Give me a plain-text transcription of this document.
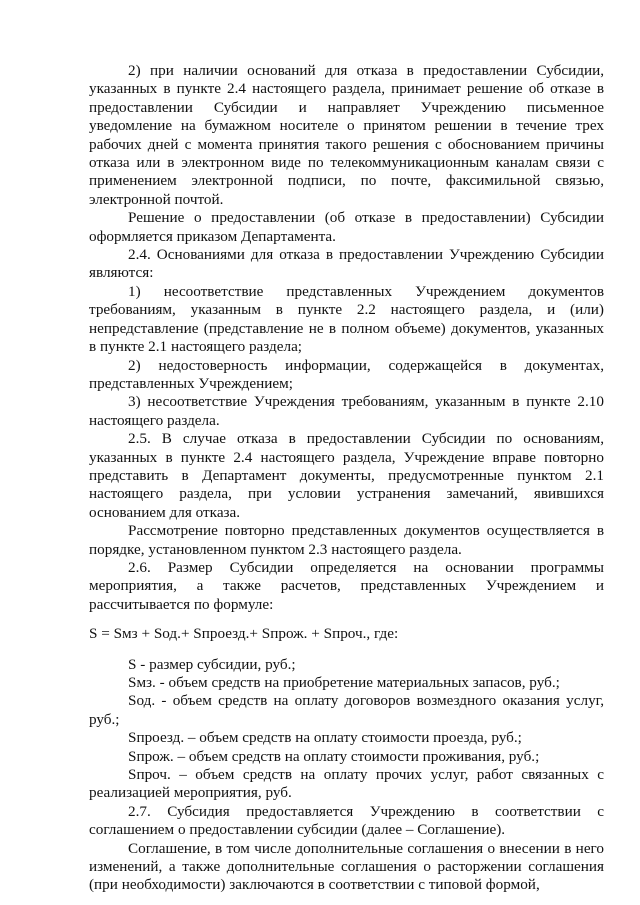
2) при наличии оснований для отказа в предоставлении Субсидии, указанных в пункте 2.4 настоящего раздела, принимает решение об отказе в предоставлении Субсидии и направляет Учреждению письменное уведомление на бумажном носителе о принятом решении в течение трех рабочих дней с момента принятия такого решения с обоснованием причины отказа или в электронном виде по телекоммуникационным каналам связи с применением электронной подписи, по почте, факсимильной связью, электронной почтой.

Решение о предоставлении (об отказе в предоставлении) Субсидии оформляется приказом Департамента.

2.4. Основаниями для отказа в предоставлении Учреждению Субсидии являются:

1) несоответствие представленных Учреждением документов требованиям, указанным в пункте 2.2 настоящего раздела, и (или) непредставление (представление не в полном объеме) документов, указанных в пункте 2.1 настоящего раздела;

2) недостоверность информации, содержащейся в документах, представленных Учреждением;

3) несоответствие Учреждения требованиям, указанным в пункте 2.10 настоящего раздела.

2.5. В случае отказа в предоставлении Субсидии по основаниям, указанных в пункте 2.4 настоящего раздела, Учреждение вправе повторно представить в Департамент документы, предусмотренные пунктом 2.1 настоящего раздела, при условии устранения замечаний, явившихся основанием для отказа.

Рассмотрение повторно представленных документов осуществляется в порядке, установленном пунктом 2.3 настоящего раздела.

2.6. Размер Субсидии определяется на основании программы мероприятия, а также расчетов, представленных Учреждением и рассчитывается по формуле:

S = Sмз + Sод.+ Sпроезд.+ Sпрож. + Sпроч., где:

S - размер субсидии, руб.;

Sмз. - объем средств на приобретение материальных запасов, руб.;

Sод. - объем средств на оплату договоров возмездного оказания услуг, руб.;

Sпроезд. – объем средств на оплату стоимости проезда, руб.;

Sпрож. – объем средств на оплату стоимости проживания, руб.;

Sпроч. – объем средств на оплату прочих услуг, работ связанных с реализацией мероприятия, руб.

2.7. Субсидия предоставляется Учреждению в соответствии с соглашением о предоставлении субсидии (далее – Соглашение).

Соглашение, в том числе дополнительные соглашения о внесении в него изменений, а также дополнительные соглашения о расторжении соглашения (при необходимости) заключаются в соответствии с типовой формой,
